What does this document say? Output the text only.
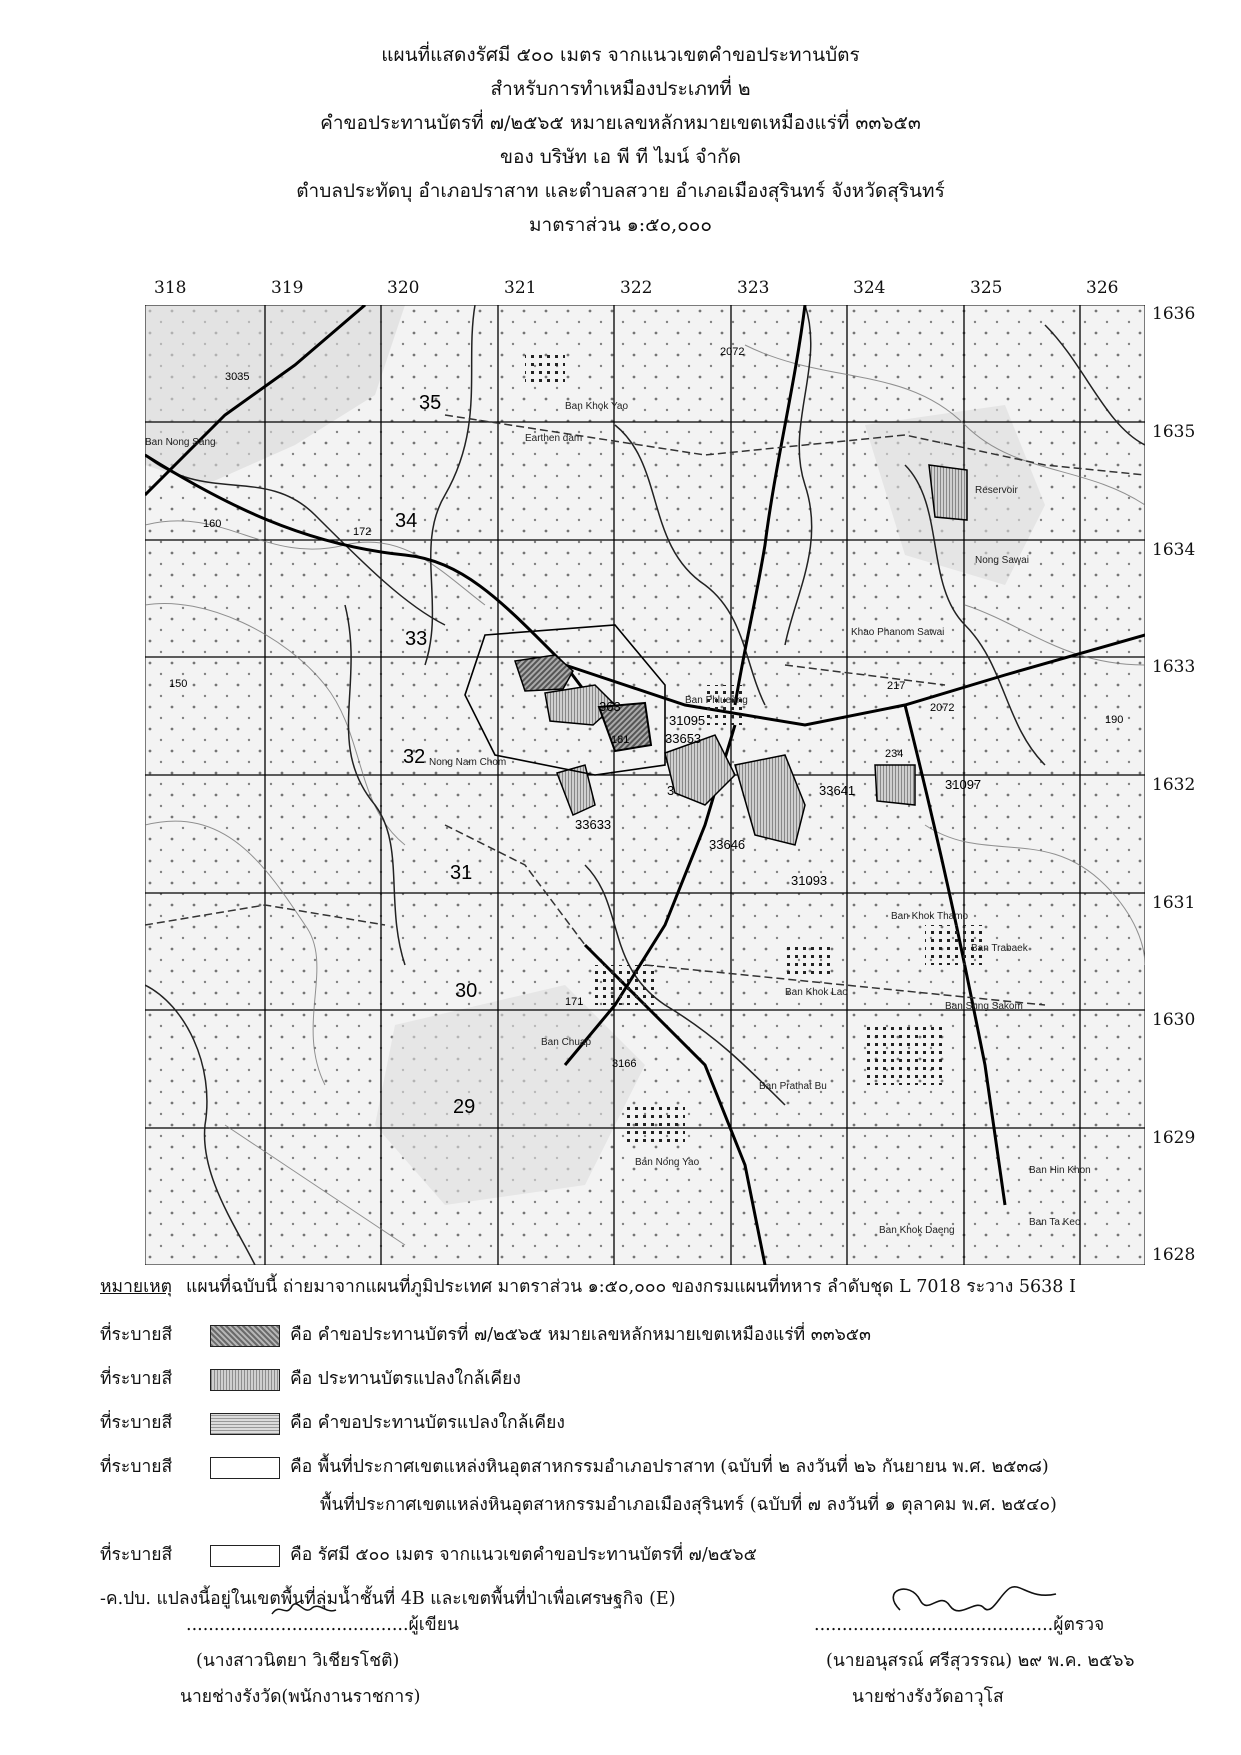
แผนที่แสดงรัศมี ๕๐๐ เมตร จากแนวเขตคำขอประทานบัตร
สำหรับการทำเหมืองประเภทที่ ๒
คำขอประทานบัตรที่ ๗/๒๕๖๕ หมายเลขหลักหมายเขตเหมืองแร่ที่ ๓๓๖๕๓
ของ บริษัท เอ พี ที ไมน์ จำกัด
ตำบลประทัดบุ อำเภอปราสาท และตำบลสวาย อำเภอเมืองสุรินทร์ จังหวัดสุรินทร์
มาตราส่วน ๑:๕๐,๐๐๐
318	319	320	321	322	323	324	325	326
1636
1635
1634
1633
1632
1631
1630
1629
1628
35
34
33
32
31
30
29
3035
2072
2072
3166
172
171
217
234
181
160
150
190
363
31095
33653
33641	31097
33633
33646
31093
3
Ban Khok Yao
Ban Phlueang
Ban Khok Thamo
Ban Khok Lao
Ban Sung Sakom
Ban Chuap
Ban Prathat Bu
Ban Nong Yao
Ban Khok Daeng
Ban Hin Khon
Ban Ta Keo
Ban Trabaek
Reservoir
Nong Sawai
Nong Nam Chom
Earthen dam
Ban Nong Sang
Khao Phanom Sawai
หมายเหตุ แผนที่ฉบับนี้ ถ่ายมาจากแผนที่ภูมิประเทศ มาตราส่วน ๑:๕๐,๐๐๐ ของกรมแผนที่ทหาร ลำดับชุด L 7018 ระวาง 5638 I
ที่ระบายสี	คือ คำขอประทานบัตรที่ ๗/๒๕๖๕ หมายเลขหลักหมายเขตเหมืองแร่ที่ ๓๓๖๕๓
ที่ระบายสี	คือ ประทานบัตรแปลงใกล้เคียง
ที่ระบายสี	คือ คำขอประทานบัตรแปลงใกล้เคียง
ที่ระบายสี	คือ พื้นที่ประกาศเขตแหล่งหินอุตสาหกรรมอำเภอปราสาท (ฉบับที่ ๒ ลงวันที่ ๒๖ กันยายน พ.ศ. ๒๕๓๘)
พื้นที่ประกาศเขตแหล่งหินอุตสาหกรรมอำเภอเมืองสุรินทร์ (ฉบับที่ ๗ ลงวันที่ ๑ ตุลาคม พ.ศ. ๒๕๔๐)
ที่ระบายสี	คือ รัศมี ๕๐๐ เมตร จากแนวเขตคำขอประทานบัตรที่ ๗/๒๕๖๕
-ค.ปบ. แปลงนี้อยู่ในเขตพื้นที่ลุ่มน้ำชั้นที่ 4B และเขตพื้นที่ป่าเพื่อเศรษฐกิจ (E)
........................................ผู้เขียน
(นางสาวนิตยา วิเชียรโชติ)
นายช่างรังวัด(พนักงานราชการ)
...........................................ผู้ตรวจ
(นายอนุสรณ์ ศรีสุวรรณ) ๒๙ พ.ค. ๒๕๖๖
นายช่างรังวัดอาวุโส
